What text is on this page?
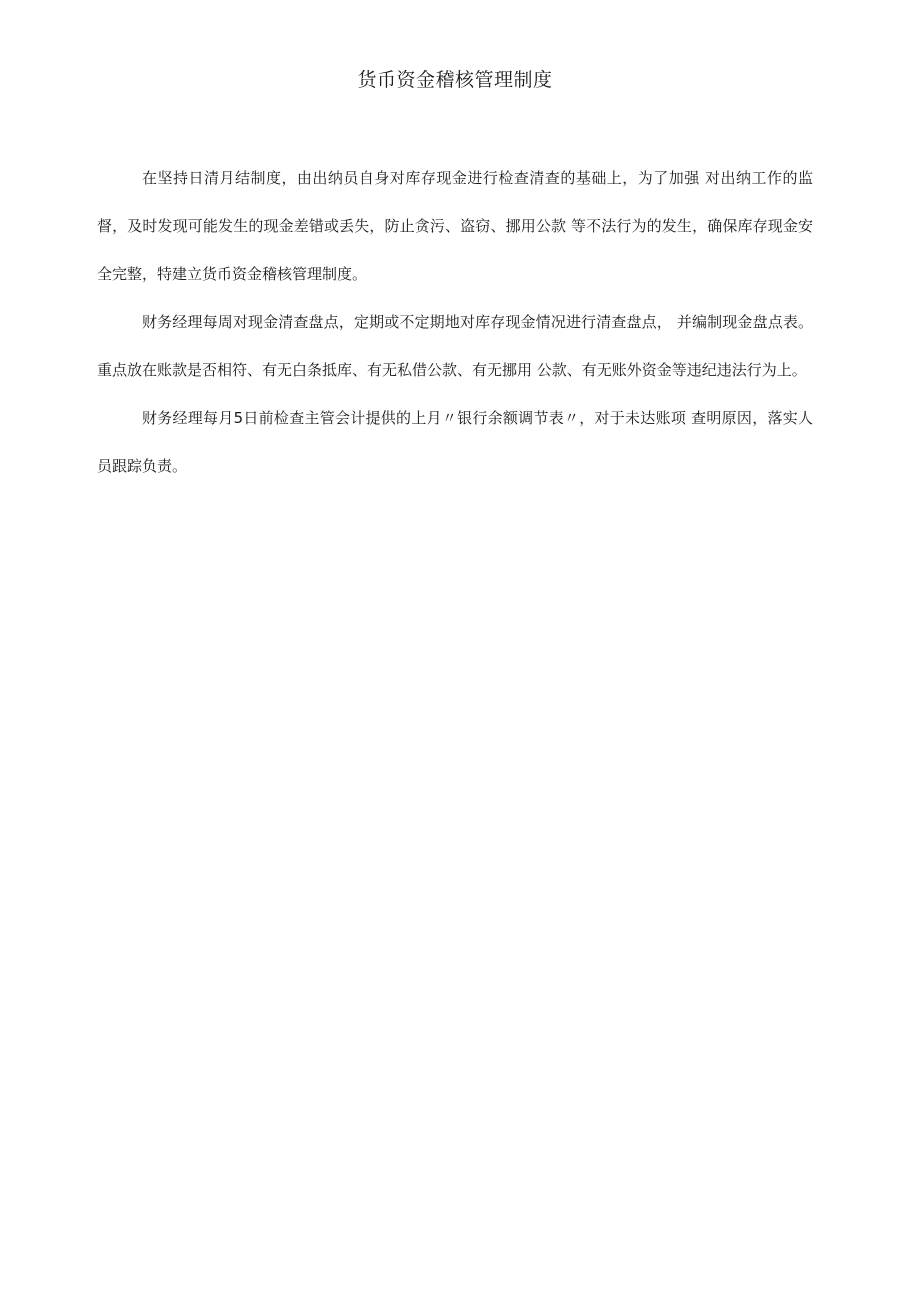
货币资金稽核管理制度

在坚持日清月结制度，由出纳员自身对库存现金进行检查清查的基础上，为了加强 对出纳工作的监督，及时发现可能发生的现金差错或丢失，防止贪污、盗窃、挪用公款 等不法行为的发生，确保库存现金安全完整，特建立货币资金稽核管理制度。

财务经理每周对现金清查盘点，定期或不定期地对库存现金情况进行清查盘点， 并编制现金盘点表。重点放在账款是否相符、有无白条抵库、有无私借公款、有无挪用 公款、有无账外资金等违纪违法行为上。

财务经理每月5日前检查主管会计提供的上月〃银行余额调节表〃，对于未达账项 查明原因，落实人员跟踪负责。
